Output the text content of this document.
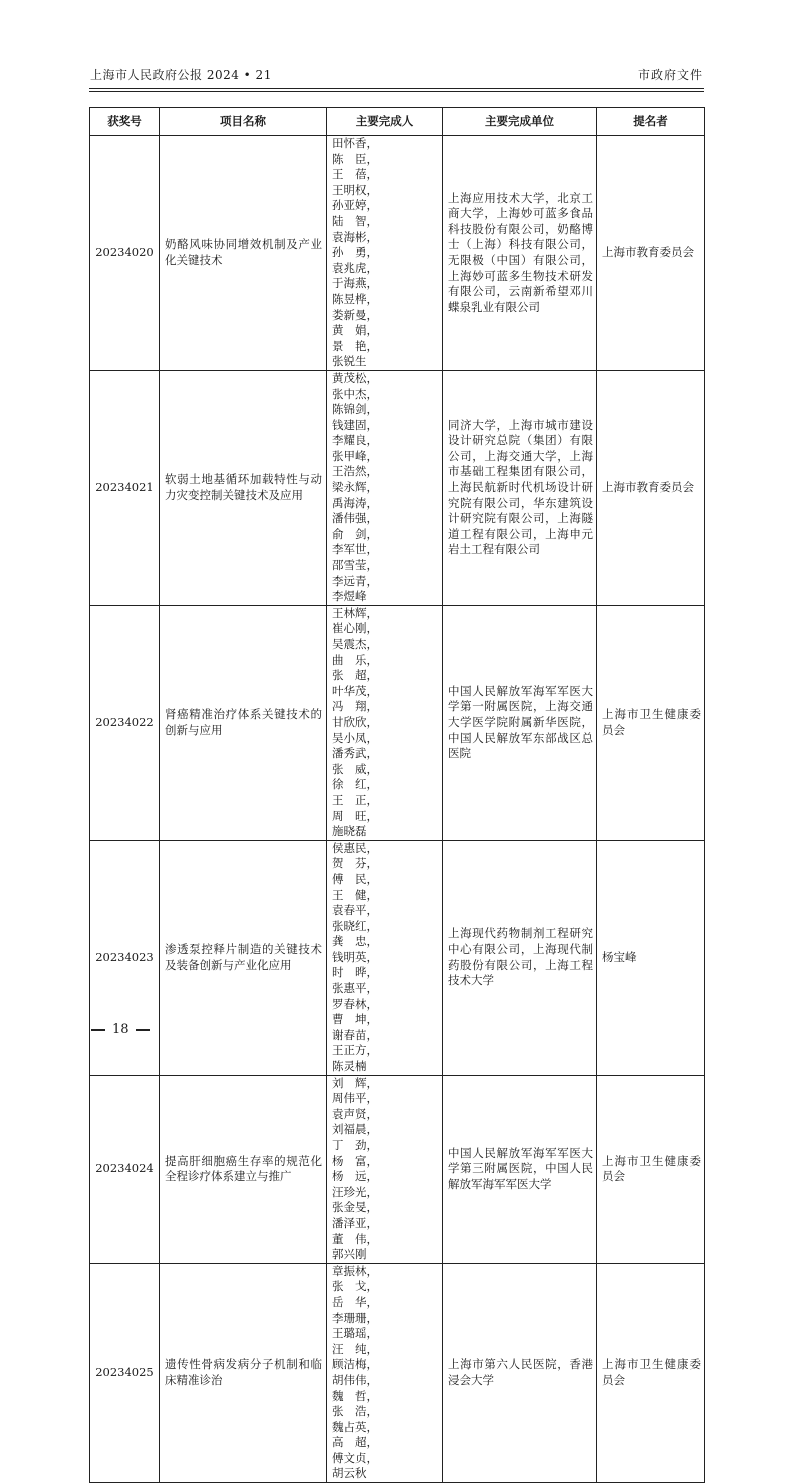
上海市人民政府公报 2024 • 21	市政府文件
获奖号	项目名称	主要完成人	主要完成单位	提名者
20234020	奶酪风味协同增效机制及产业化关键技术	田怀香，陈　臣，王　蓓，王明权，孙亚婷，陆　智，袁海彬，孙　勇，袁兆虎，于海燕，陈昱桦，娄新曼，黄　娟，景　艳，张锐生	上海应用技术大学，北京工商大学，上海妙可蓝多食品科技股份有限公司，奶酪博士（上海）科技有限公司，无限极（中国）有限公司，上海妙可蓝多生物技术研发有限公司，云南新希望邓川蝶泉乳业有限公司	上海市教育委员会
20234021	软弱土地基循环加载特性与动力灾变控制关键技术及应用	黄茂松，张中杰，陈锦剑，钱建固，李耀良，张甲峰，王浩然，梁永辉，禹海涛，潘伟强，俞　剑，李军世，邵雪莹，李远青，李煜峰	同济大学，上海市城市建设设计研究总院（集团）有限公司，上海交通大学，上海市基础工程集团有限公司，上海民航新时代机场设计研究院有限公司，华东建筑设计研究院有限公司，上海隧道工程有限公司，上海申元岩土工程有限公司	上海市教育委员会
20234022	肾癌精准治疗体系关键技术的创新与应用	王林辉，崔心刚，吴震杰，曲　乐，张　超，叶华茂，冯　翔，甘欣欣，吴小凤，潘秀武，张　威，徐　红，王　正，周　旺，施晓磊	中国人民解放军海军军医大学第一附属医院，上海交通大学医学院附属新华医院，中国人民解放军东部战区总医院	上海市卫生健康委员会
20234023	渗透泵控释片制造的关键技术及装备创新与产业化应用	侯惠民，贺　芬，傅　民，王　健，袁春平，张晓红，龚　忠，钱明英，时　晔，张惠平，罗春林，曹　坤，谢春苗，王正方，陈灵楠	上海现代药物制剂工程研究中心有限公司，上海现代制药股份有限公司，上海工程技术大学	杨宝峰
20234024	提高肝细胞癌生存率的规范化全程诊疗体系建立与推广	刘　辉，周伟平，袁声贤，刘福晨，丁　劲，杨　富，杨　远，汪珍光，张金旻，潘泽亚，董　伟，郭兴刚	中国人民解放军海军军医大学第三附属医院，中国人民解放军海军军医大学	上海市卫生健康委员会
20234025	遗传性骨病发病分子机制和临床精准诊治	章振林，张　戈，岳　华，李珊珊，王璐瑶，汪　纯，顾洁梅，胡伟伟，魏　哲，张　浩，魏占英，高　超，傅文贞，胡云秋	上海市第六人民医院，香港浸会大学	上海市卫生健康委员会
18
